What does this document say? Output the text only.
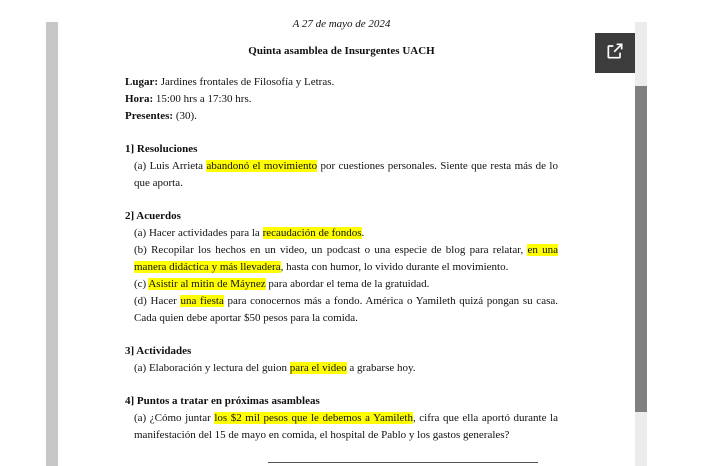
A 27 de mayo de 2024
Quinta asamblea de Insurgentes UACH
Lugar: Jardines frontales de Filosofía y Letras.
Hora: 15:00 hrs a 17:30 hrs.
Presentes: (30).
1] Resoluciones
(a) Luis Arrieta abandonó el movimiento por cuestiones personales. Siente que resta más de lo que aporta.
2] Acuerdos
(a) Hacer actividades para la recaudación de fondos.
(b) Recopilar los hechos en un video, un podcast o una especie de blog para relatar, en una manera didáctica y más llevadera, hasta con humor, lo vivido durante el movimiento.
(c) Asistir al mitin de Máynez para abordar el tema de la gratuidad.
(d) Hacer una fiesta para conocernos más a fondo. América o Yamileth quizá pongan su casa. Cada quien debe aportar $50 pesos para la comida.
3] Actividades
(a) Elaboración y lectura del guion para el video a grabarse hoy.
4] Puntos a tratar en próximas asambleas
(a) ¿Cómo juntar los $2 mil pesos que le debemos a Yamileth, cifra que ella aportó durante la manifestación del 15 de mayo en comida, el hospital de Pablo y los gastos generales?
